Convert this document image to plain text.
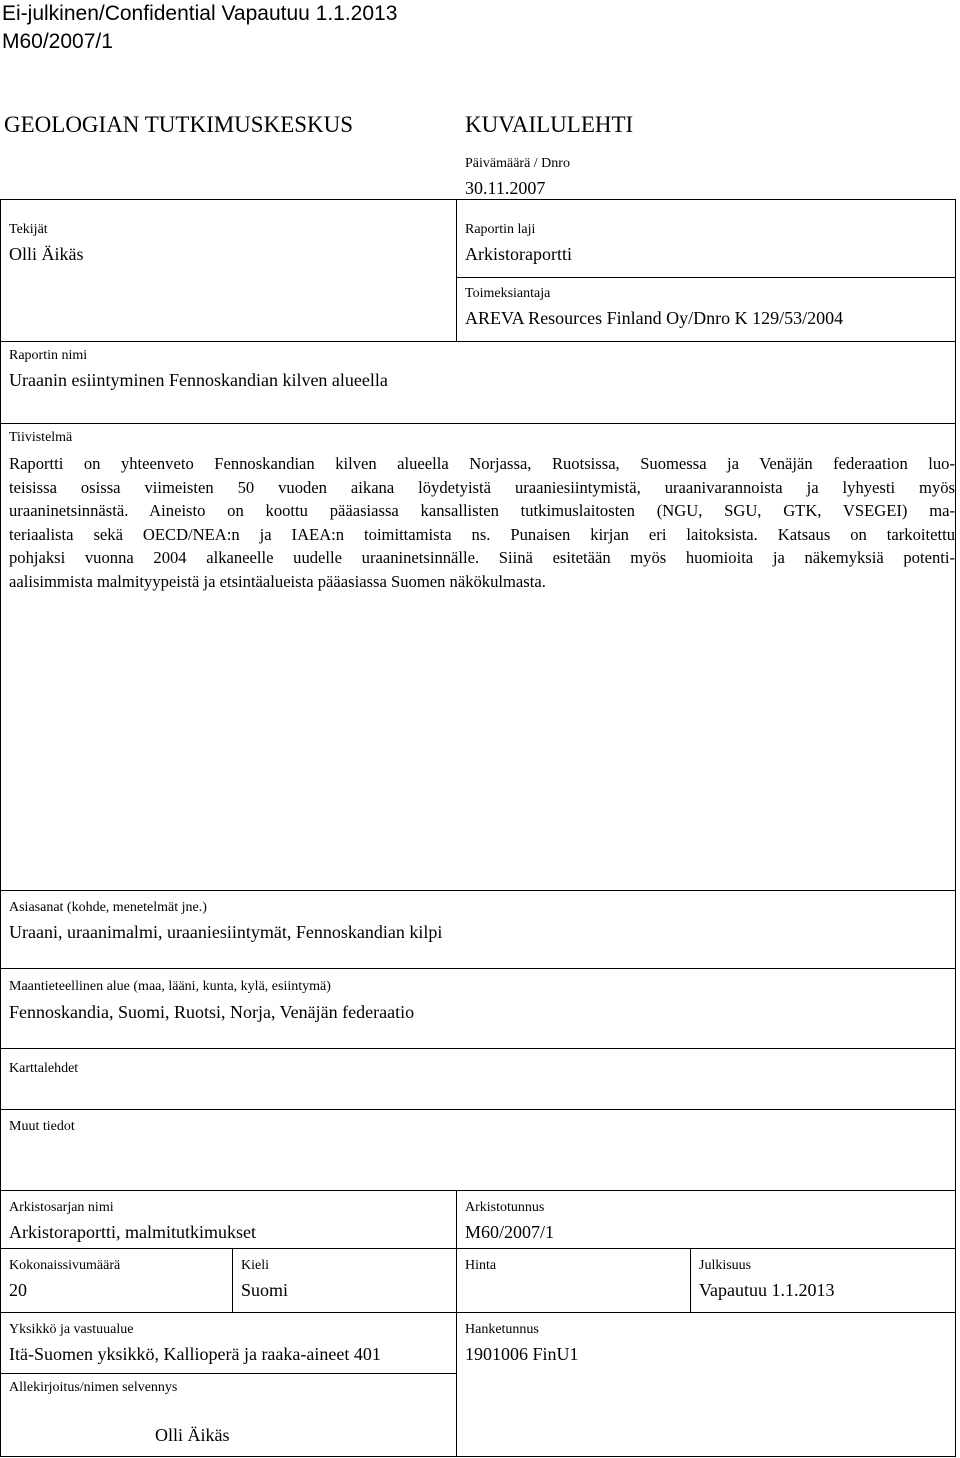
Ei-julkinen/Confidential Vapautuu 1.1.2013
M60/2007/1
GEOLOGIAN TUTKIMUSKESKUS	KUVAILULEHTI
Päivämäärä / Dnro
30.11.2007
Tekijät
Olli Äikäs
Raportin laji
Arkistoraportti
Toimeksiantaja
AREVA Resources Finland Oy/Dnro K 129/53/2004
Raportin nimi
Uraanin esiintyminen Fennoskandian kilven alueella
Tiivistelmä

Raportti on yhteenveto Fennoskandian kilven alueella Norjassa, Ruotsissa, Suomessa ja Venäjän federaation luo-

teisissa osissa viimeisten 50 vuoden aikana löydetyistä uraaniesiintymistä, uraanivarannoista ja lyhyesti myös

uraaninetsinnästä. Aineisto on koottu pääasiassa kansallisten tutkimuslaitosten (NGU, SGU, GTK, VSEGEI) ma-

teriaalista sekä OECD/NEA:n ja IAEA:n toimittamista ns. Punaisen kirjan eri laitoksista. Katsaus on tarkoitettu

pohjaksi vuonna 2004 alkaneelle uudelle uraaninetsinnälle. Siinä esitetään myös huomioita ja näkemyksiä potenti-

aalisimmista malmityypeistä ja etsintäalueista pääasiassa Suomen näkökulmasta.

Asiasanat (kohde, menetelmät jne.)
Uraani, uraanimalmi, uraaniesiintymät, Fennoskandian kilpi
Maantieteellinen alue (maa, lääni, kunta, kylä, esiintymä)
Fennoskandia, Suomi, Ruotsi, Norja, Venäjän federaatio
Karttalehdet
Muut tiedot
Arkistosarjan nimi
Arkistoraportti, malmitutkimukset
Arkistotunnus
M60/2007/1
Kokonaissivumäärä
20
Kieli
Suomi
Hinta	Julkisuus
Vapautuu 1.1.2013
Yksikkö ja vastuualue
Itä-Suomen yksikkö, Kallioperä ja raaka-aineet 401
Hanketunnus
1901006 FinU1
Allekirjoitus/nimen selvennys
Olli Äikäs
